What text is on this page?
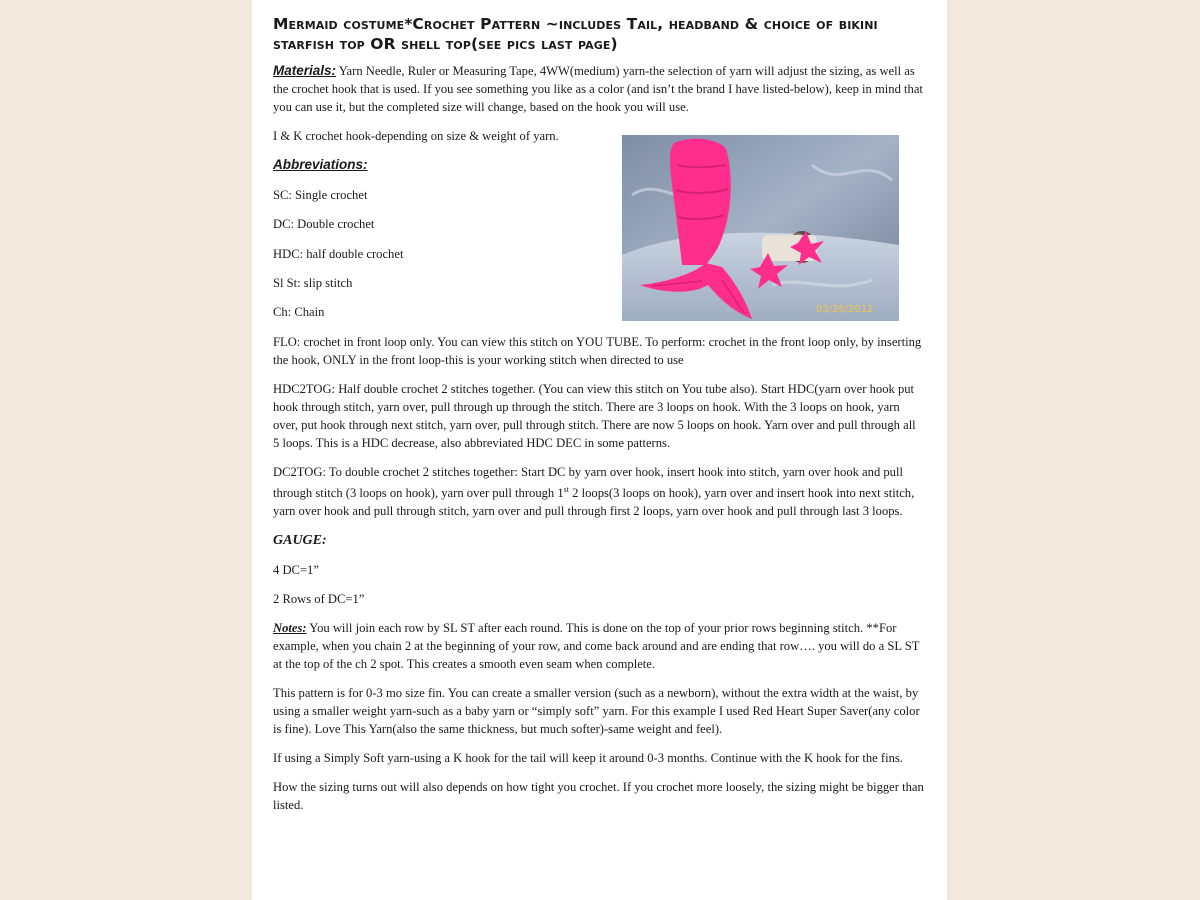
Mermaid costume*Crochet Pattern ~includes Tail, headband & choice of bikini starfish top OR shell top(see pics last page)

Materials: Yarn Needle, Ruler or Measuring Tape, 4WW(medium) yarn-the selection of yarn will adjust the sizing, as well as the crochet hook that is used. If you see something you like as a color (and isn’t the brand I have listed-below), keep in mind that you can use it, but the completed size will change, based on the hook you will use.

I & K crochet hook-depending on size & weight of yarn.

Abbreviations:

SC: Single crochet

DC: Double crochet

HDC: half double crochet

Sl St: slip stitch

Ch: Chain

FLO: crochet in front loop only. You can view this stitch on YOU TUBE. To perform: crochet in the front loop only, by inserting the hook, ONLY in the front loop-this is your working stitch when directed to use

HDC2TOG: Half double crochet 2 stitches together. (You can view this stitch on You tube also). Start HDC(yarn over hook put hook through stitch, yarn over, pull through up through the stitch. There are 3 loops on hook. With the 3 loops on hook, yarn over, put hook through next stitch, yarn over, pull through stitch. There are now 5 loops on hook. Yarn over and pull through all 5 loops. This is a HDC decrease, also abbreviated HDC DEC in some patterns.

DC2TOG: To double crochet 2 stitches together: Start DC by yarn over hook, insert hook into stitch, yarn over hook and pull through stitch (3 loops on hook), yarn over pull through 1st 2 loops(3 loops on hook), yarn over and insert hook into next stitch, yarn over hook and pull through stitch, yarn over and pull through first 2 loops, yarn over hook and pull through last 3 loops.

GAUGE:

4 DC=1”

2 Rows of DC=1”

Notes: You will join each row by SL ST after each round. This is done on the top of your prior rows beginning stitch. **For example, when you chain 2 at the beginning of your row, and come back around and are ending that row…. you will do a SL ST at the top of the ch 2 spot. This creates a smooth even seam when complete.

This pattern is for 0-3 mo size fin. You can create a smaller version (such as a newborn), without the extra width at the waist, by using a smaller weight yarn-such as a baby yarn or “simply soft” yarn. For this example I used Red Heart Super Saver(any color is fine). Love This Yarn(also the same thickness, but much softer)-same weight and feel).

If using a Simply Soft yarn-using a K hook for the tail will keep it around 0-3 months. Continue with the K hook for the fins.

How the sizing turns out will also depends on how tight you crochet. If you crochet more loosely, the sizing might be bigger than listed.

03/26/2012
